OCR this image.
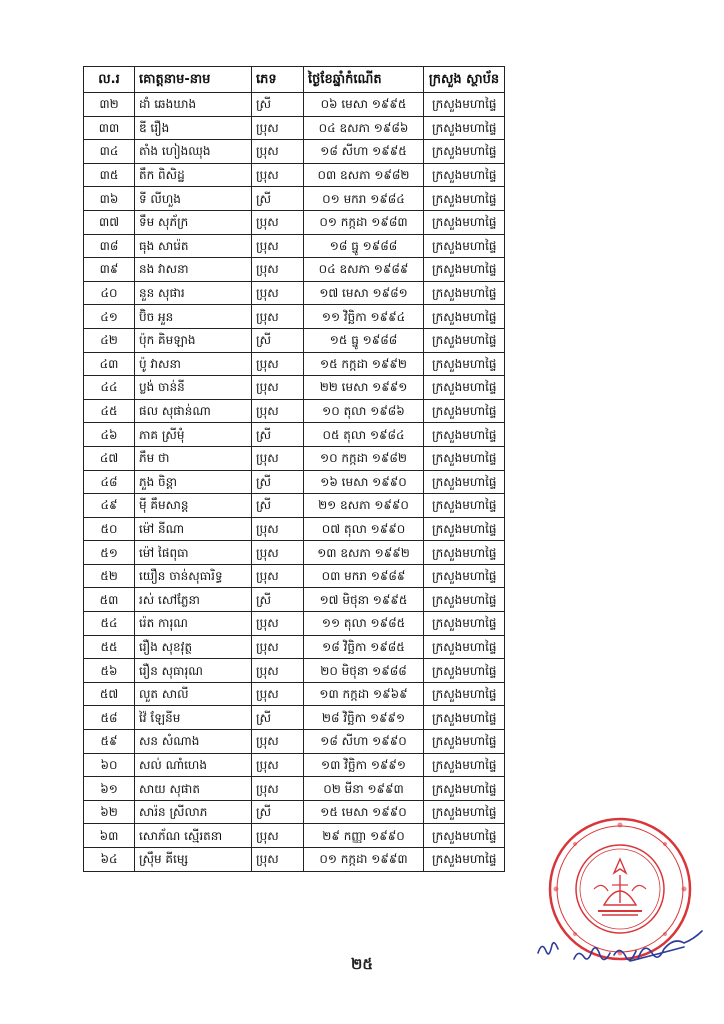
ល.រ	គោត្តនាម-នាម	ភេទ	ថ្ងៃខែឆ្នាំកំណើត	ក្រសួង ស្ថាប័ន
៣២	ដាំ ឆេងឃាង	ស្រី	០៦ មេសា ១៩៩៥	ក្រសួងមហាផ្ទៃ
៣៣	ឌី រឿង	ប្រុស	០៤ ឧសភា ១៩៨៦	ក្រសួងមហាផ្ទៃ
៣៤	តាំង ហៀងឈុង	ប្រុស	១៨ សីហា ១៩៩៥	ក្រសួងមហាផ្ទៃ
៣៥	តឹក ពិសិដ្ឋ	ប្រុស	០៣ ឧសភា ១៩៨២	ក្រសួងមហាផ្ទៃ
៣៦	ទី លីហួង	ស្រី	០១ មករា ១៩៨៤	ក្រសួងមហាផ្ទៃ
៣៧	ទឹម សុភ័ក្រ	ប្រុស	០១ កក្កដា ១៩៨៣	ក្រសួងមហាផ្ទៃ
៣៨	ធុង សារ៉េត	ប្រុស	១៨ ធ្នូ ១៩៨៨	ក្រសួងមហាផ្ទៃ
៣៩	នង វាសនា	ប្រុស	០៤ ឧសភា ១៩៨៩	ក្រសួងមហាផ្ទៃ
៤០	នួន សុផារ	ប្រុស	១៧ មេសា ១៩៨១	ក្រសួងមហាផ្ទៃ
៤១	ប៊ិច អួន	ប្រុស	១១ វិច្ឆិកា ១៩៩៤	ក្រសួងមហាផ្ទៃ
៤២	ប៉ុក គិមឡាង	ស្រី	១៥ ធ្នូ ១៩៨៨	ក្រសួងមហាផ្ទៃ
៤៣	ប៉ូ វាសនា	ប្រុស	១៥ កក្កដា ១៩៩២	ក្រសួងមហាផ្ទៃ
៤៤	ប្លង់ ចាន់នី	ប្រុស	២២ មេសា ១៩៩១	ក្រសួងមហាផ្ទៃ
៤៥	ផល សុផាន់ណា	ប្រុស	១០ តុលា ១៩៨៦	ក្រសួងមហាផ្ទៃ
៤៦	ភាគ ស្រីមុំ	ស្រី	០៥ តុលា ១៩៨៤	ក្រសួងមហាផ្ទៃ
៤៧	ភឹម ថា	ប្រុស	១០ កក្កដា ១៩៨២	ក្រសួងមហាផ្ទៃ
៤៨	ភួង ចិន្តា	ស្រី	១៦ មេសា ១៩៩០	ក្រសួងមហាផ្ទៃ
៤៩	ម៉ី គឹមសាន្ត	ស្រី	២១ ឧសភា ១៩៩០	ក្រសួងមហាផ្ទៃ
៥០	ម៉ៅ នីណា	ប្រុស	០៧ តុលា ១៩៩០	ក្រសួងមហាផ្ទៃ
៥១	ម៉ៅ ផៃពុធា	ប្រុស	១៣ ឧសភា ១៩៩២	ក្រសួងមហាផ្ទៃ
៥២	យឿន ចាន់សុធារិទ្ធ	ប្រុស	០៣ មករា ១៩៨៩	ក្រសួងមហាផ្ទៃ
៥៣	រស់ សៅភ្លែនា	ស្រី	១៧ មិថុនា ១៩៩៥	ក្រសួងមហាផ្ទៃ
៥៤	រ៉េត ការុណ	ប្រុស	១១ តុលា ១៩៨៥	ក្រសួងមហាផ្ទៃ
៥៥	រឿង សុខវុត្ថ	ប្រុស	១៨ វិច្ឆិកា ១៩៨៥	ក្រសួងមហាផ្ទៃ
៥៦	រឿន សុធារុណ	ប្រុស	២០ មិថុនា ១៩៨៨	ក្រសួងមហាផ្ទៃ
៥៧	លួត សាលី	ប្រុស	១៣ កក្កដា ១៩៦៩	ក្រសួងមហាផ្ទៃ
៥៨	វ៉ៃ ឡែនីម	ស្រី	២៨ វិច្ឆិកា ១៩៩១	ក្រសួងមហាផ្ទៃ
៥៩	សន សំណាង	ប្រុស	១៨ សីហា ១៩៩០	ក្រសួងមហាផ្ទៃ
៦០	សល់ ណាំហេង	ប្រុស	១៣ វិច្ឆិកា ១៩៩១	ក្រសួងមហាផ្ទៃ
៦១	សាយ សុផាត	ប្រុស	០២ មីនា ១៩៩៣	ក្រសួងមហាផ្ទៃ
៦២	សារ៉ន ស្រីលាភ	ស្រី	១៥ មេសា ១៩៩០	ក្រសួងមហាផ្ទៃ
៦៣	សោភ័ណ ស្មើរតនា	ប្រុស	២៩ កញ្ញា ១៩៩០	ក្រសួងមហាផ្ទៃ
៦៤	ស្រ៊ឹម គីម្សេ	ប្រុស	០១ កក្កដា ១៩៩៣	ក្រសួងមហាផ្ទៃ
២៥
